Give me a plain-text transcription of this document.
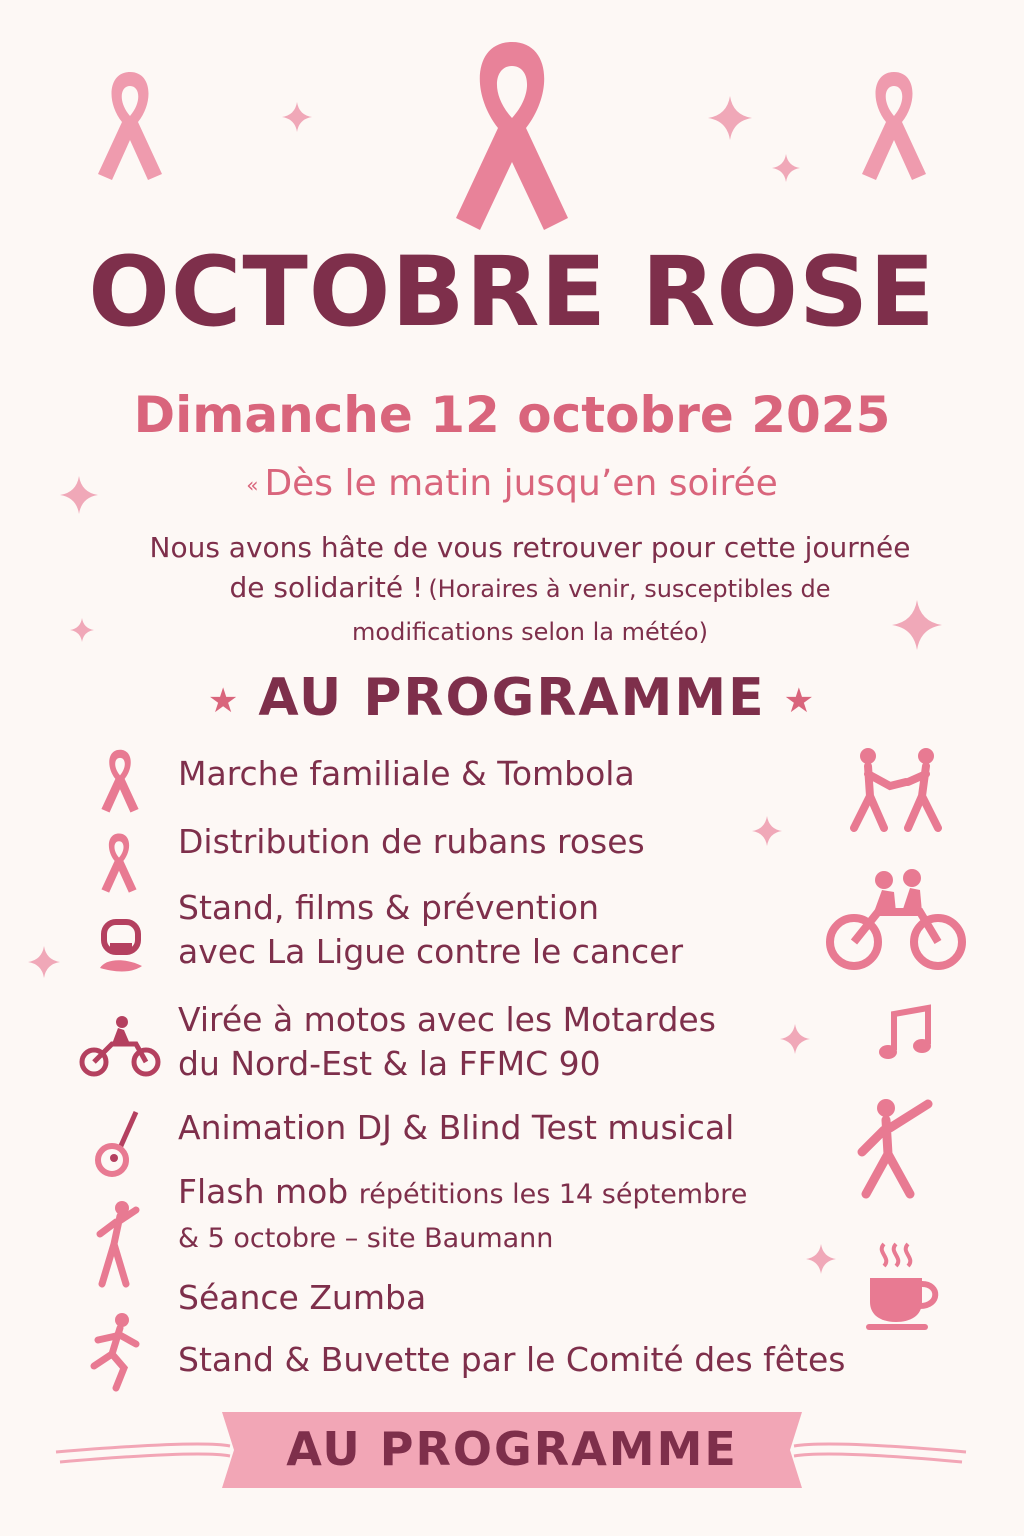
OCTOBRE ROSE
Dimanche 12 octobre 2025
« Dès le matin jusqu’en soirée
Nous avons hâte de vous retrouver pour cette journée
de solidarité ! (Horaires à venir, susceptibles de
modifications selon la météo)
★ AU PROGRAMME ★
Marche familiale & Tombola
Distribution de rubans roses
Stand, films & prévention
avec La Ligue contre le cancer
Virée à motos avec les Motardes
du Nord-Est & la FFMC 90
Animation DJ & Blind Test musical
Flash mob répétitions les 14 séptembre
& 5 octobre – site Baumann
Séance Zumba
Stand & Buvette par le Comité des fêtes
AU PROGRAMME
